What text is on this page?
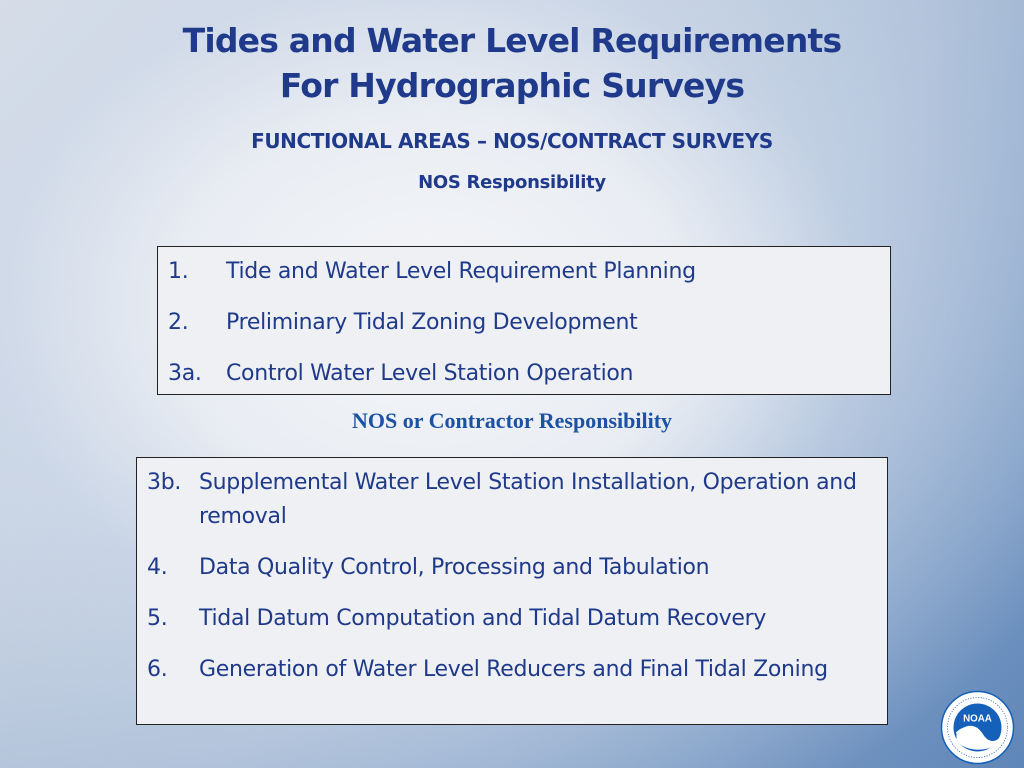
Tides and Water Level Requirements
For Hydrographic Surveys
FUNCTIONAL AREAS – NOS/CONTRACT SURVEYS
NOS Responsibility
1.	Tide and Water Level Requirement Planning
2.	Preliminary Tidal Zoning Development
3a.	Control Water Level Station Operation
NOS or Contractor Responsibility
3b. Supplemental Water Level Station Installation, Operation and removal
4.	Data Quality Control, Processing and Tabulation
5.	Tidal Datum Computation and Tidal Datum Recovery
6.	Generation of Water Level Reducers and Final Tidal Zoning
NOAA
